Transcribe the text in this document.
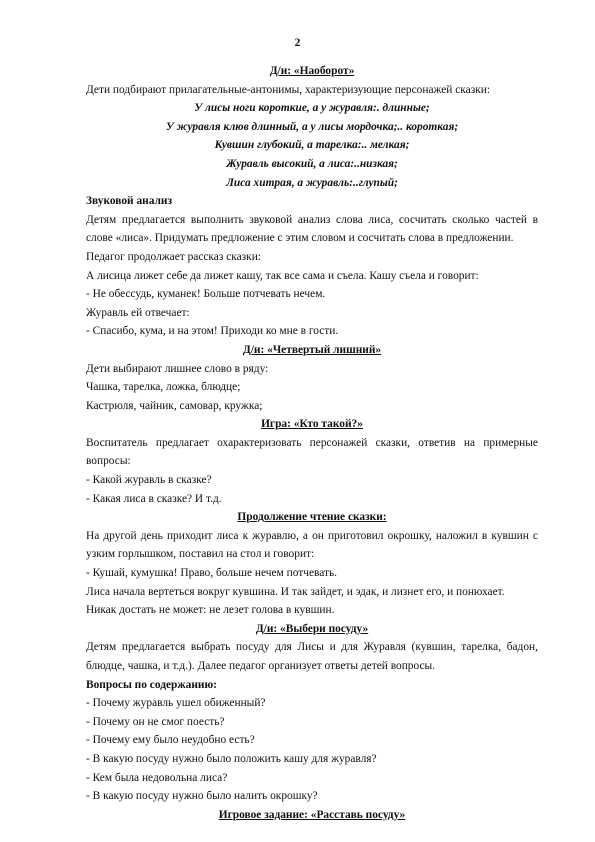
2

Д/и: «Наоборот»

Дети подбирают прилагательные-антонимы, характеризующие персонажей сказки:

У лисы ноги короткие, а у журавля:. длинные;

У журавля клюв длинный, а у лисы мордочка;.. короткая;

Кувшин глубокий, а тарелка:.. мелкая;

Журавль высокий, а лиса:..низкая;

Лиса хитрая, а журавль:..глупый;

Звуковой анализ

Детям предлагается выполнить звуковой анализ слова лиса, сосчитать сколько частей в слове «лиса». Придумать предложение с этим словом и сосчитать слова в предложении.

Педагог продолжает рассказ сказки:

А лисица лижет себе да лижет кашу, так все сама и съела. Кашу съела и говорит:

- Не обессудь, куманек! Больше потчевать нечем.

Журавль ей отвечает:

- Спасибо, кума, и на этом! Приходи ко мне в гости.

Д/и: «Четвертый лишний»

Дети выбирают лишнее слово в ряду:

Чашка, тарелка, ложка, блюдце;

Кастрюля, чайник, самовар, кружка;

Игра: «Кто такой?»

Воспитатель предлагает охарактеризовать персонажей сказки, ответив на примерные вопросы:

- Какой журавль в сказке?

- Какая лиса в сказке? И т.д.

Продолжение чтение сказки:

На другой день приходит лиса к журавлю, а он приготовил окрошку, наложил в кувшин с узким горлышком, поставил на стол и говорит:

- Кушай, кумушка! Право, больше нечем потчевать.

Лиса начала вертеться вокруг кувшина. И так зайдет, и эдак, и лизнет его, и понюхает.

Никак достать не может: не лезет голова в кувшин.

Д/и: «Выбери посуду»

Детям предлагается выбрать посуду для Лисы и для Журавля (кувшин, тарелка, бадон, блюдце, чашка, и т.д.). Далее педагог организует ответы детей вопросы.

Вопросы по содержанию:

- Почему журавль ушел обиженный?

- Почему он не смог поесть?

- Почему ему было неудобно есть?

- В какую посуду нужно было положить кашу для журавля?

- Кем была недовольна лиса?

- В какую посуду нужно было налить окрошку?

Игровое задание: «Расставь посуду»
